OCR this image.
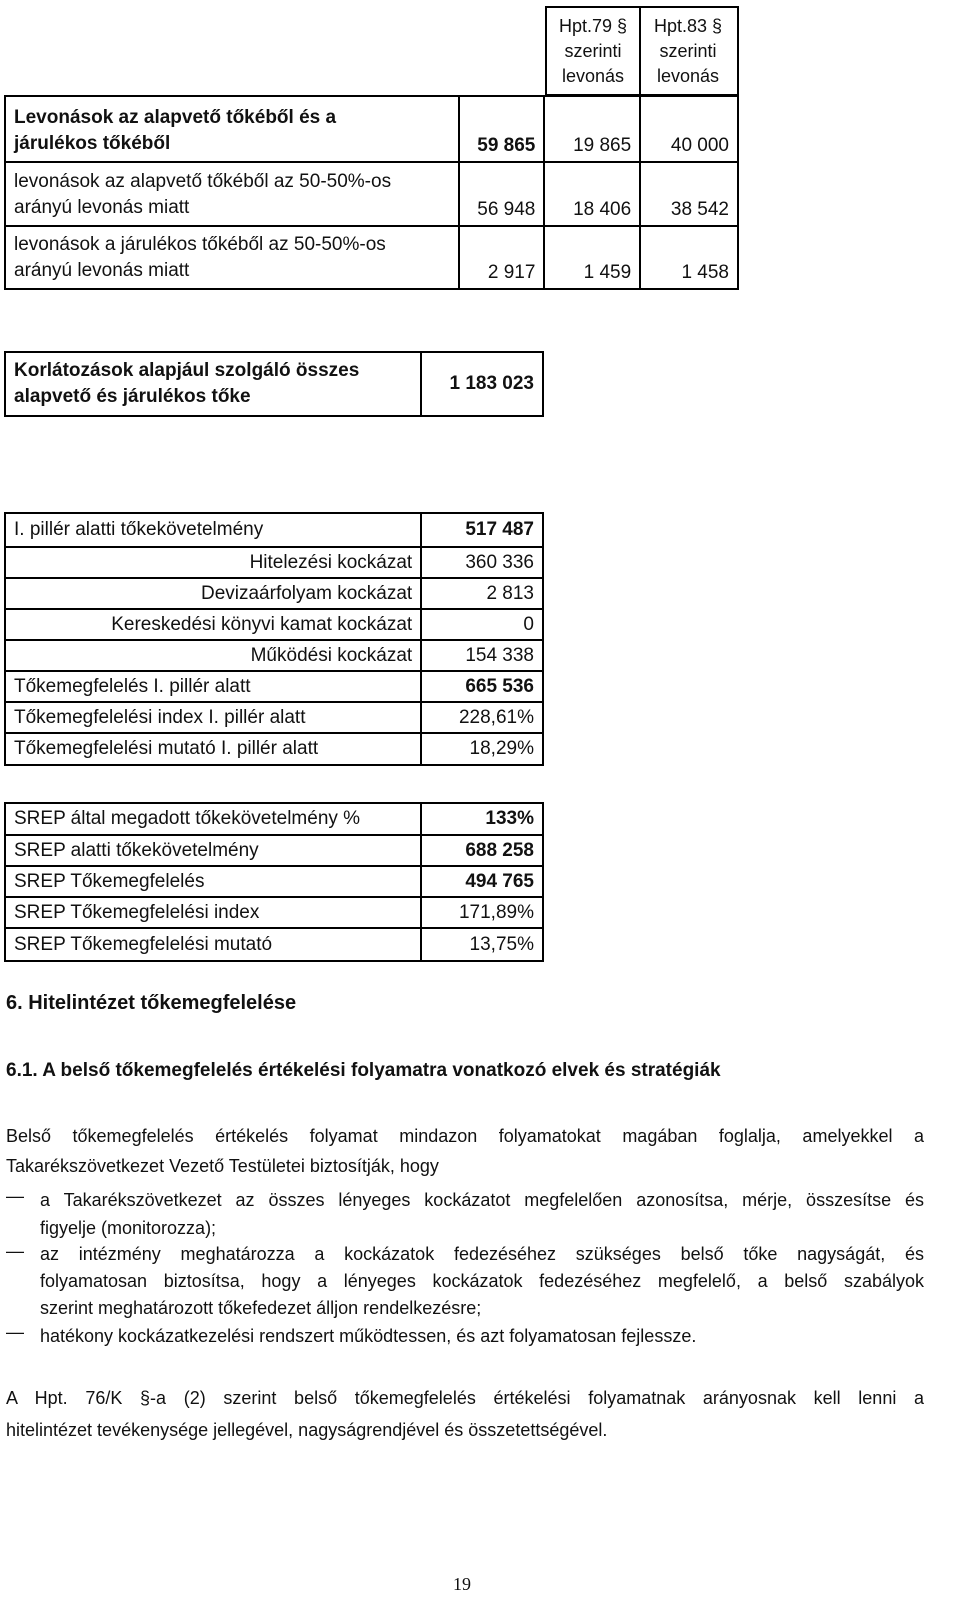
Hpt.79 §
szerinti
levonás
Hpt.83 §
szerinti
levonás
Levonások az alapvető tőkéből és a
járulékos tőkéből	59 865	19 865	40 000

levonások az alapvető tőkéből az 50-50%-os
arányú levonás miatt	56 948	18 406	38 542

levonások a járulékos tőkéből az 50-50%-os
arányú levonás miatt	2 917	1 459	1 458
Korlátozások alapjául szolgáló összes
alapvető és járulékos tőke
	1 183 023
I. pillér alatti tőkekövetelmény	517 487
Hitelezési kockázat	360 336
Devizaárfolyam kockázat	2 813
Kereskedési könyvi kamat kockázat	0
Működési kockázat	154 338
Tőkemegfelelés I. pillér alatt	665 536
Tőkemegfelelési index I. pillér alatt	228,61%
Tőkemegfelelési mutató I. pillér alatt	18,29%
SREP által megadott tőkekövetelmény %	133%
SREP alatti tőkekövetelmény	688 258
SREP Tőkemegfelelés	494 765
SREP Tőkemegfelelési index	171,89%
SREP Tőkemegfelelési mutató	13,75%
6. Hitelintézet tőkemegfelelése
6.1. A belső tőkemegfelelés értékelési folyamatra vonatkozó elvek és stratégiák
Belső tőkemegfelelés értékelés folyamat mindazon folyamatokat magában foglalja, amelyekkel a
Takarékszövetkezet Vezető Testületei biztosítják, hogy
— a Takarékszövetkezet az összes lényeges kockázatot megfelelően azonosítsa, mérje, összesítse és
figyelje (monitorozza);
— az intézmény meghatározza a kockázatok fedezéséhez szükséges belső tőke nagyságát, és
folyamatosan biztosítsa, hogy a lényeges kockázatok fedezéséhez megfelelő, a belső szabályok
szerint meghatározott tőkefedezet álljon rendelkezésre;
— hatékony kockázatkezelési rendszert működtessen, és azt folyamatosan fejlessze.
A Hpt. 76/K §-a (2) szerint belső tőkemegfelelés értékelési folyamatnak arányosnak kell lenni a
hitelintézet tevékenysége jellegével, nagyságrendjével és összetettségével.
19
